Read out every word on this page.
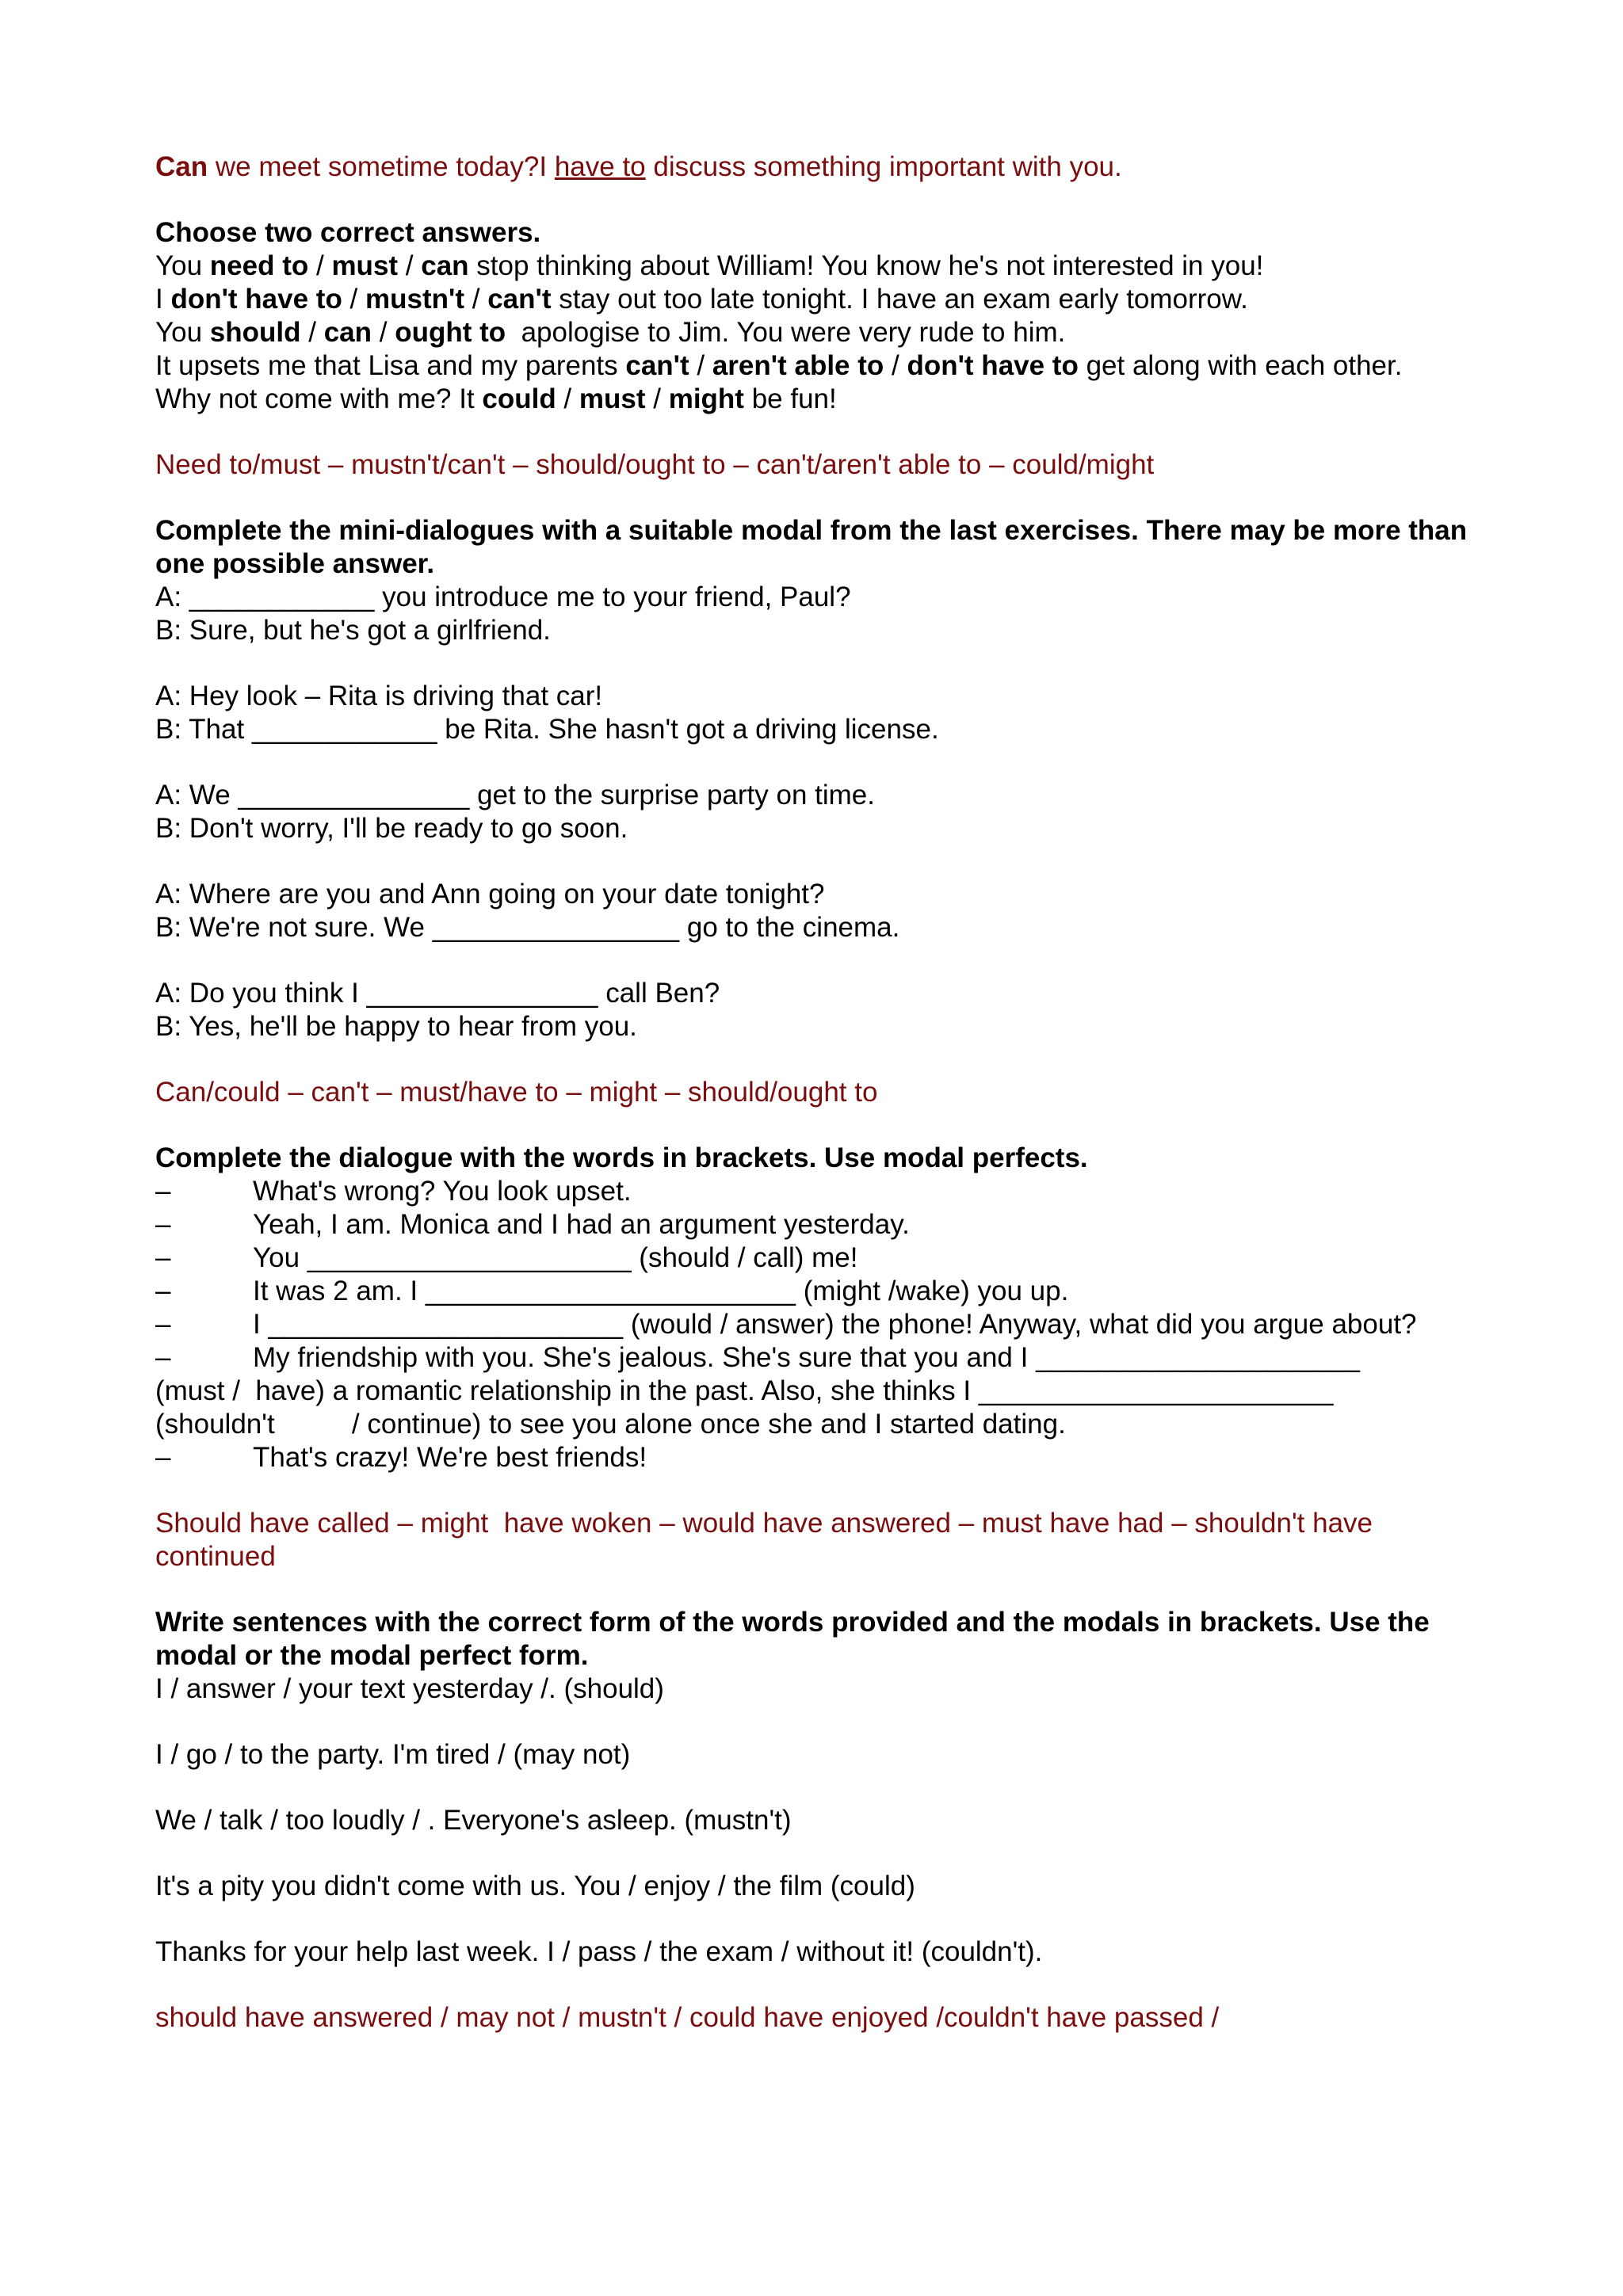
Can we meet sometime today?I have to discuss something important with you.

Choose two correct answers.

You need to / must / can stop thinking about William! You know he's not interested in you!

I don't have to / mustn't / can't stay out too late tonight. I have an exam early tomorrow.

You should / can / ought to  apologise to Jim. You were very rude to him.

It upsets me that Lisa and my parents can't / aren't able to / don't have to get along with each other.

Why not come with me? It could / must / might be fun!

Need to/must – mustn't/can't – should/ought to – can't/aren't able to – could/might

Complete the mini-dialogues with a suitable modal from the last exercises. There may be more than one possible answer.

A: ____________ you introduce me to your friend, Paul?

B: Sure, but he's got a girlfriend.

A: Hey look – Rita is driving that car!

B: That ____________ be Rita. She hasn't got a driving license.

A: We _______________ get to the surprise party on time.

B: Don't worry, I'll be ready to go soon.

A: Where are you and Ann going on your date tonight?

B: We're not sure. We ________________ go to the cinema.

A: Do you think I _______________ call Ben?

B: Yes, he'll be happy to hear from you.

Can/could – can't – must/have to – might – should/ought to

Complete the dialogue with the words in brackets. Use modal perfects.

–	What's wrong? You look upset.
–	Yeah, I am. Monica and I had an argument yesterday.
–	You _____________________ (should / call) me!
–	It was 2 am. I ________________________ (might /wake) you up.
–	I _______________________ (would / answer) the phone! Anyway, what did you argue about?
–	My friendship with you. She's jealous. She's sure that you and I _____________________

(must /  have) a romantic relationship in the past. Also, she thinks I _______________________

(shouldn't          / continue) to see you alone once she and I started dating.

–	That's crazy! We're best friends!

Should have called – might  have woken – would have answered – must have had – shouldn't have continued

Write sentences with the correct form of the words provided and the modals in brackets. Use the modal or the modal perfect form.

I / answer / your text yesterday /. (should)

I / go / to the party. I'm tired / (may not)

We / talk / too loudly / . Everyone's asleep. (mustn't)

It's a pity you didn't come with us. You / enjoy / the film (could)

Thanks for your help last week. I / pass / the exam / without it! (couldn't).

should have answered / may not / mustn't / could have enjoyed /couldn't have passed /
